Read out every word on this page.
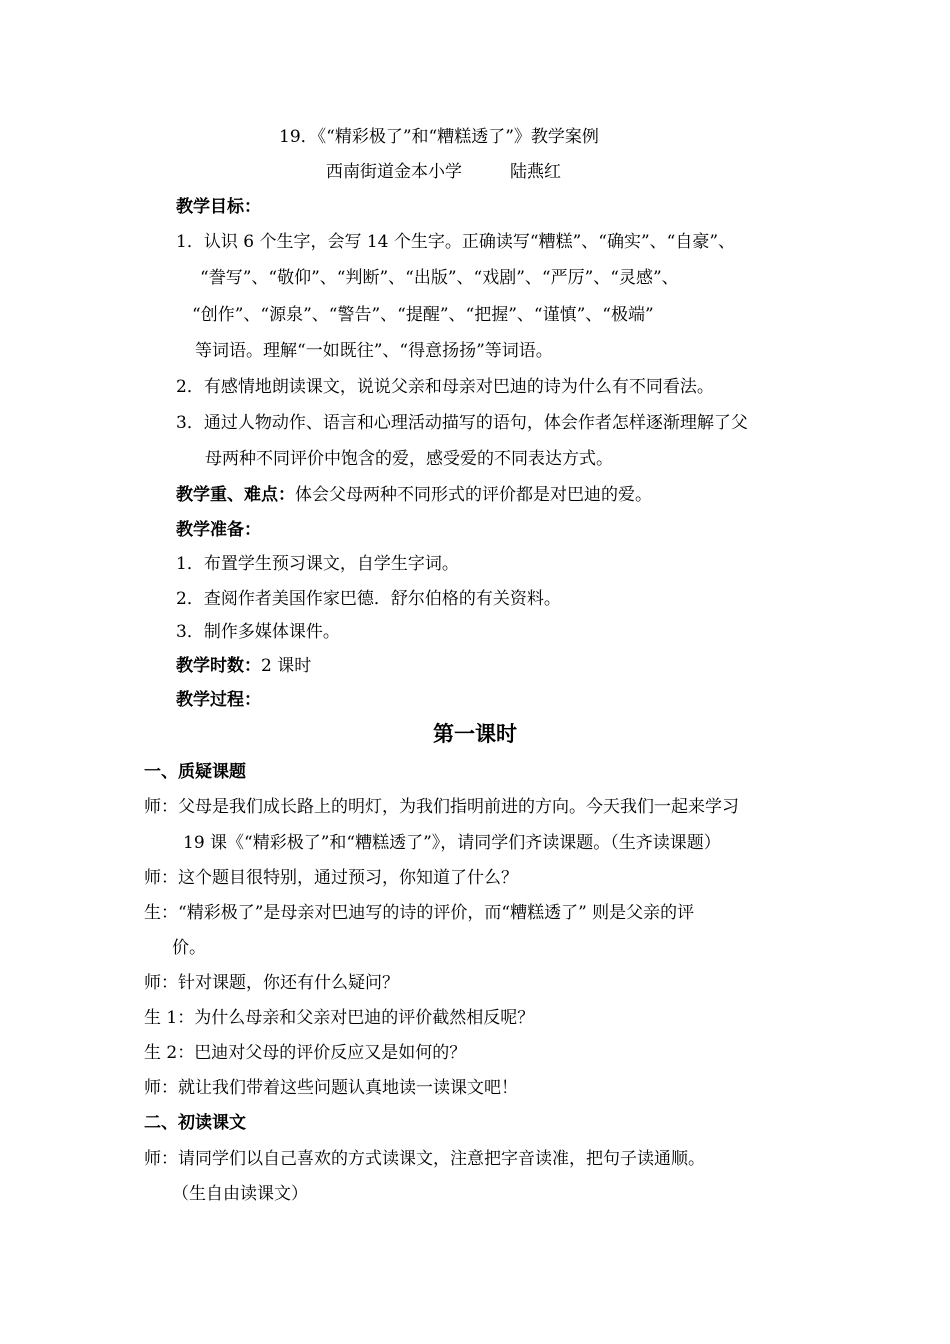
19．《“精彩极了”和“糟糕透了”》教学案例
西南街道金本小学	陆燕红
教学目标：
1．认识 6 个生字，会写 14 个生字。正确读写“糟糕”、“确实”、“自豪”、
“誊写”、“敬仰”、“判断”、“出版”、“戏剧”、“严厉”、“灵感”、
“创作”、“源泉”、“警告”、“提醒”、“把握”、“谨慎”、“极端”
等词语。理解“一如既往”、“得意扬扬”等词语。
2．有感情地朗读课文，说说父亲和母亲对巴迪的诗为什么有不同看法。
3．通过人物动作、语言和心理活动描写的语句，体会作者怎样逐渐理解了父
母两种不同评价中饱含的爱，感受爱的不同表达方式。
教学重、难点：体会父母两种不同形式的评价都是对巴迪的爱。
教学准备：
1．布置学生预习课文，自学生字词。
2．查阅作者美国作家巴德．舒尔伯格的有关资料。
3．制作多媒体课件。
教学时数：2 课时
教学过程：
第一课时
一、质疑课题
师：父母是我们成长路上的明灯，为我们指明前进的方向。今天我们一起来学习
19 课《“精彩极了”和“糟糕透了”》，请同学们齐读课题。（生齐读课题）
师：这个题目很特别，通过预习，你知道了什么？
生：“精彩极了”是母亲对巴迪写的诗的评价，而“糟糕透了” 则是父亲的评
价。
师：针对课题，你还有什么疑问？
生 1：为什么母亲和父亲对巴迪的评价截然相反呢？
生 2：巴迪对父母的评价反应又是如何的？
师：就让我们带着这些问题认真地读一读课文吧！
二、初读课文
师：请同学们以自己喜欢的方式读课文，注意把字音读准，把句子读通顺。
（生自由读课文）
